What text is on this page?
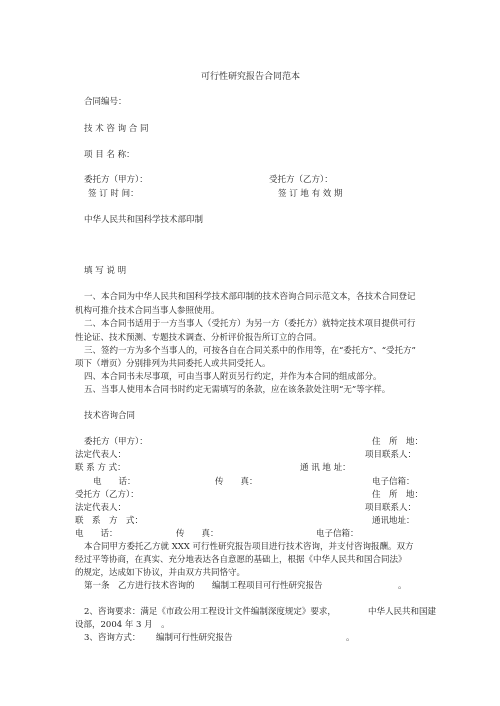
可行性研究报告合同范本
合同编号：
技 术 咨 询 合 同
项 目 名 称：
委托方（甲方）：	受托方（乙方）：
签 订 时 间：	签 订 地 有 效 期
中华人民共和国科学技术部印制
填 写 说 明
一、本合同为中华人民共和国科学技术部印制的技术咨询合同示范文本，各技术合同登记
机构可推介技术合同当事人参照使用。
二、本合同书适用于一方当事人（受托方）为另一方（委托方）就特定技术项目提供可行
性论证、技术预测、专题技术调查、分析评价报告所订立的合同。
三、签约一方为多个当事人的，可按各自在合同关系中的作用等，在“委托方”、“受托方”
项下（增页）分别排列为共同委托人或共同受托人。
四、本合同书未尽事项，可由当事人附页另行约定，并作为本合同的组成部分。
五、当事人使用本合同书时约定无需填写的条款，应在该条款处注明“无”等字样。
技术咨询合同
委托方（甲方）：	住　所　地：
法定代表人：	项目联系人：
联 系 方 式：	通 讯 地 址：
电　　话：	传　　真：	电子信箱：
受托方（乙方）：	住　所　地：
法定代表人：	项目联系人：
联　系　方　式：	通讯地址：
电　　话：	传　　真：	电子信箱：
本合同甲方委托乙方就 XXX 可行性研究报告项目进行技术咨询，并支付咨询报酬。双方
经过平等协商，在真实、充分地表达各自意愿的基础上，根据《中华人民共和国合同法》
的规定，达成如下协议，并由双方共同恪守。
第一条　乙方进行技术咨询的 编制工程项目可行性研究报告	。
2、咨询要求：满足《市政公用工程设计文件编制深度规定》要求，	中华人民共和国建
设部，2004 年 3 月　。
3、咨询方式： 编制可行性研究报告	。
